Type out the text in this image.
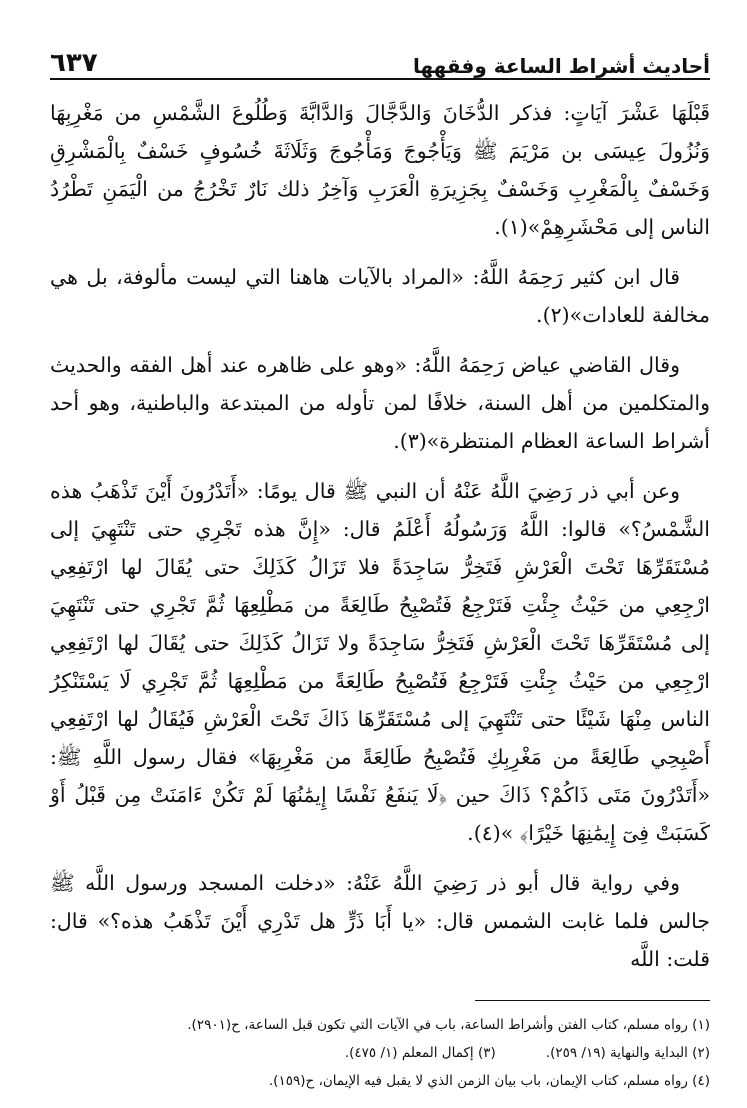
أحاديث أشراط الساعة وفقهها
٦٣٧

قَبْلَهَا عَشْرَ آيَاتٍ: فذكر الدُّخَانَ وَالدَّجَّالَ وَالدَّابَّةَ وَطُلُوعَ الشَّمْسِ من مَغْرِبِهَا وَنُزُولَ عِيسَى بن مَرْيَمَ ﷺ وَيَأْجُوجَ وَمَأْجُوجَ وَثَلَاثَةَ خُسُوفٍ خَسْفٌ بِالْمَشْرِقِ وَخَسْفٌ بِالْمَغْرِبِ وَخَسْفٌ بِجَزِيرَةِ الْعَرَبِ وَآخِرُ ذلك نَارٌ تَخْرُجُ من الْيَمَنِ تَطْرُدُ الناس إلى مَحْشَرِهِمْ»(١).

قال ابن كثير رَحِمَهُ اللَّهُ: «المراد بالآيات هاهنا التي ليست مألوفة، بل هي مخالفة للعادات»(٢).

وقال القاضي عياض رَحِمَهُ اللَّهُ: «وهو على ظاهره عند أهل الفقه والحديث والمتكلمين من أهل السنة، خلافًا لمن تأوله من المبتدعة والباطنية، وهو أحد أشراط الساعة العظام المنتظرة»(٣).

وعن أبي ذر رَضِيَ اللَّهُ عَنْهُ أن النبي ﷺ قال يومًا: «أَتَدْرُونَ أَيْنَ تَذْهَبُ هذه الشَّمْسُ؟» قالوا: اللَّهُ وَرَسُولُهُ أَعْلَمُ قال: «إِنَّ هذه تَجْرِي حتى تَنْتَهِيَ إلى مُسْتَقَرِّهَا تَحْتَ الْعَرْشِ فَتَخِرُّ سَاجِدَةً فلا تَزَالُ كَذَلِكَ حتى يُقَالَ لها ارْتَفِعِي ارْجِعِي من حَيْثُ جِئْتِ فَتَرْجِعُ فَتُصْبِحُ طَالِعَةً من مَطْلِعِهَا ثُمَّ تَجْرِي حتى تَنْتَهِيَ إلى مُسْتَقَرِّهَا تَحْتَ الْعَرْشِ فَتَخِرُّ سَاجِدَةً ولا تَزَالُ كَذَلِكَ حتى يُقَالَ لها ارْتَفِعِي ارْجِعِي من حَيْثُ جِئْتِ فَتَرْجِعُ فَتُصْبِحُ طَالِعَةً من مَطْلِعِهَا ثُمَّ تَجْرِي لَا يَسْتَنْكِرُ الناس مِنْهَا شَيْئًا حتى تَنْتَهِيَ إلى مُسْتَقَرِّهَا ذَاكَ تَحْتَ الْعَرْشِ فَيُقَالُ لها ارْتَفِعِي أَصْبِحِي طَالِعَةً من مَغْرِبِكِ فَتُصْبِحُ طَالِعَةً من مَغْرِبِهَا» فقال رسول اللَّهِ ﷺ: «أَتَدْرُونَ مَتَى ذَاكُمْ؟ ذَاكَ حين ﴿لَا يَنفَعُ نَفْسًا إِيمَٰنُهَا لَمْ تَكُنْ ءَامَنَتْ مِن قَبْلُ أَوْ كَسَبَتْ فِىٓ إِيمَٰنِهَا خَيْرًا﴾ »(٤).

وفي رواية قال أبو ذر رَضِيَ اللَّهُ عَنْهُ: «دخلت المسجد ورسول اللَّه ﷺ جالس فلما غابت الشمس قال: «يا أَبَا ذَرٍّ هل تَدْرِي أَيْنَ تَذْهَبُ هذه؟» قال: قلت: اللَّه

(١) رواه مسلم، كتاب الفتن وأشراط الساعة، باب في الآيات التي تكون قبل الساعة، ح(٢٩٠١).
(٢) البداية والنهاية (١٩/ ٢٥٩).
(٣) إكمال المعلم (١/ ٤٧٥).
(٤) رواه مسلم، كتاب الإيمان، باب بيان الزمن الذي لا يقبل فيه الإيمان، ح(١٥٩).
